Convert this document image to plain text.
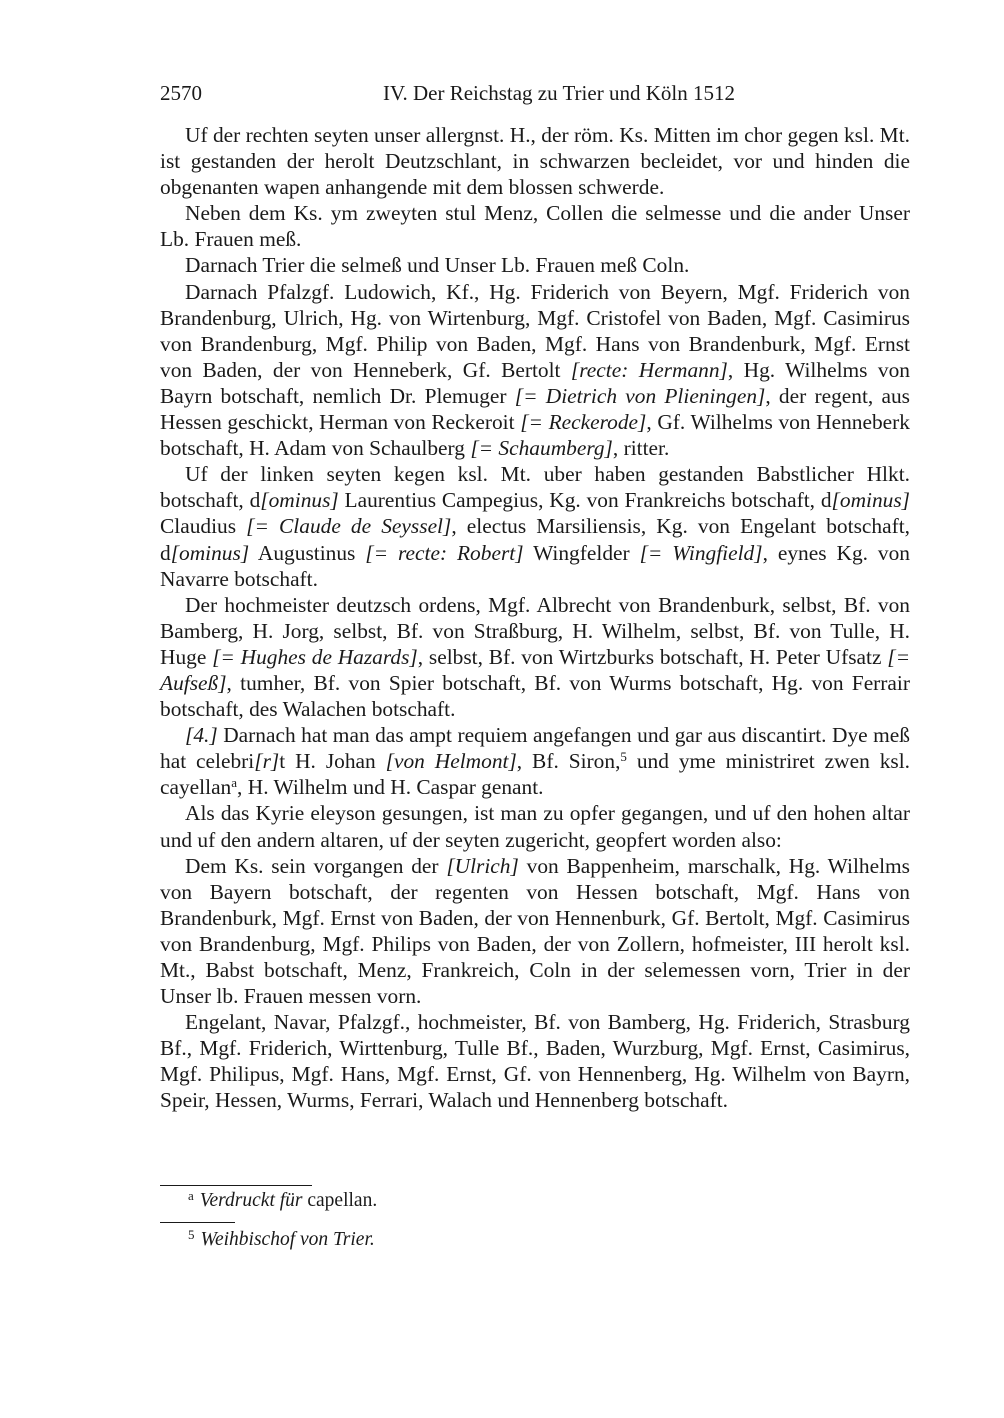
2570	IV. Der Reichstag zu Trier und Köln 1512

Uf der rechten seyten unser allergnst. H., der röm. Ks. Mitten im chor gegen ksl. Mt. ist gestanden der herolt Deutzschlant, in schwarzen becleidet, vor und hinden die obgenanten wapen anhangende mit dem blossen schwerde.

Neben dem Ks. ym zweyten stul Menz, Collen die selmesse und die ander Unser Lb. Frauen meß.

Darnach Trier die selmeß und Unser Lb. Frauen meß Coln.

Darnach Pfalzgf. Ludowich, Kf., Hg. Friderich von Beyern, Mgf. Friderich von Brandenburg, Ulrich, Hg. von Wirtenburg, Mgf. Cristofel von Baden, Mgf. Casimirus von Brandenburg, Mgf. Philip von Baden, Mgf. Hans von Brandenburk, Mgf. Ernst von Baden, der von Henneberk, Gf. Bertolt [recte: Hermann], Hg. Wilhelms von Bayrn botschaft, nemlich Dr. Plemuger [= Dietrich von Plieningen], der regent, aus Hessen geschickt, Herman von Reckeroit [= Reckerode], Gf. Wilhelms von Henneberk botschaft, H. Adam von Schaulberg [= Schaumberg], ritter.

Uf der linken seyten kegen ksl. Mt. uber haben gestanden Babstlicher Hlkt. botschaft, d[ominus] Laurentius Campegius, Kg. von Frankreichs botschaft, d[ominus] Claudius [= Claude de Seyssel], electus Marsiliensis, Kg. von Engelant botschaft, d[ominus] Augustinus [= recte: Robert] Wingfelder [= Wingfield], eynes Kg. von Navarre botschaft.

Der hochmeister deutzsch ordens, Mgf. Albrecht von Brandenburk, selbst, Bf. von Bamberg, H. Jorg, selbst, Bf. von Straßburg, H. Wilhelm, selbst, Bf. von Tulle, H. Huge [= Hughes de Hazards], selbst, Bf. von Wirtzburks botschaft, H. Peter Ufsatz [= Aufseß], tumher, Bf. von Spier botschaft, Bf. von Wurms botschaft, Hg. von Ferrair botschaft, des Walachen botschaft.

[4.] Darnach hat man das ampt requiem angefangen und gar aus discantirt. Dye meß hat celebri[r]t H. Johan [von Helmont], Bf. Siron,$^5$ und yme ministriret zwen ksl. cayellan$^a$, H. Wilhelm und H. Caspar genant.

Als das Kyrie eleyson gesungen, ist man zu opfer gegangen, und uf den hohen altar und uf den andern altaren, uf der seyten zugericht, geopfert worden also:

Dem Ks. sein vorgangen der [Ulrich] von Bappenheim, marschalk, Hg. Wilhelms von Bayern botschaft, der regenten von Hessen botschaft, Mgf. Hans von Brandenburk, Mgf. Ernst von Baden, der von Hennenburk, Gf. Bertolt, Mgf. Casimirus von Brandenburg, Mgf. Philips von Baden, der von Zollern, hofmeister, III herolt ksl. Mt., Babst botschaft, Menz, Frankreich, Coln in der selemessen vorn, Trier in der Unser lb. Frauen messen vorn.

Engelant, Navar, Pfalzgf., hochmeister, Bf. von Bamberg, Hg. Friderich, Strasburg Bf., Mgf. Friderich, Wirttenburg, Tulle Bf., Baden, Wurzburg, Mgf. Ernst, Casimirus, Mgf. Philipus, Mgf. Hans, Mgf. Ernst, Gf. von Hennenberg, Hg. Wilhelm von Bayrn, Speir, Hessen, Wurms, Ferrari, Walach und Hennenberg botschaft.

$^a$ Verdruckt für capellan.
$^5$ Weihbischof von Trier.
